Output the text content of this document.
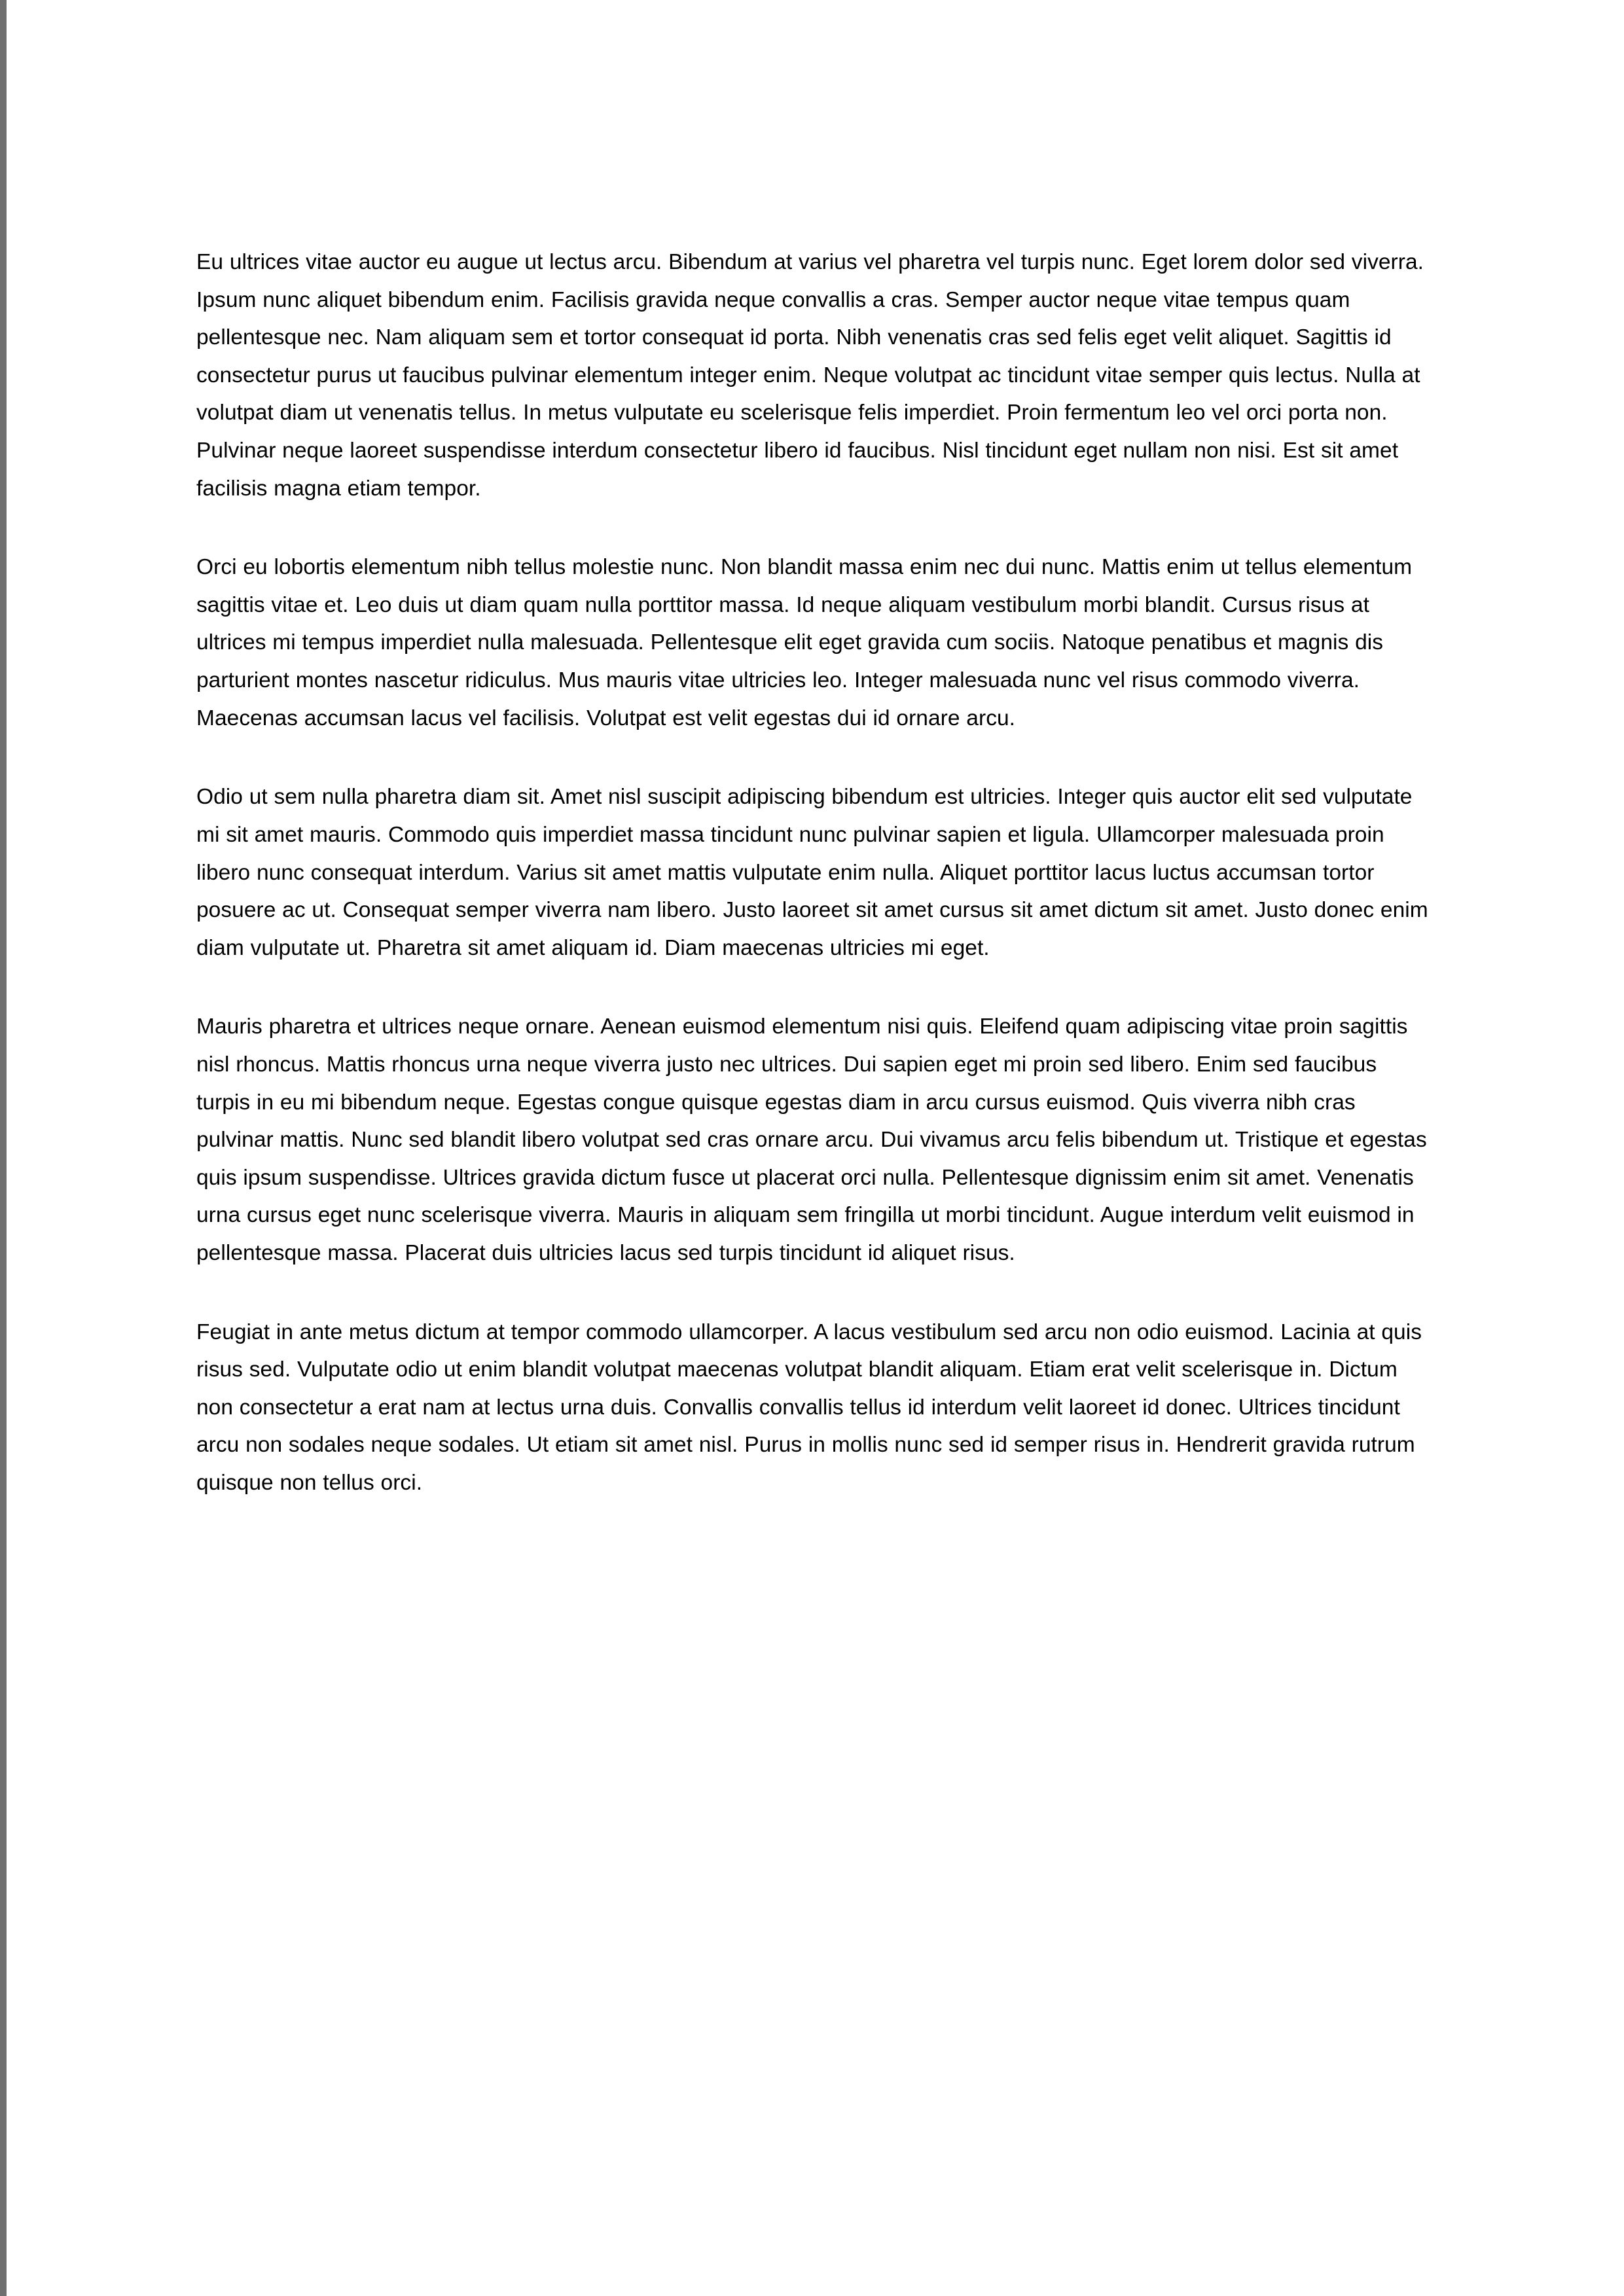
Eu ultrices vitae auctor eu augue ut lectus arcu. Bibendum at varius vel pharetra vel turpis nunc. Eget lorem dolor sed viverra. Ipsum nunc aliquet bibendum enim. Facilisis gravida neque convallis a cras. Semper auctor neque vitae tempus quam pellentesque nec. Nam aliquam sem et tortor consequat id porta. Nibh venenatis cras sed felis eget velit aliquet. Sagittis id consectetur purus ut faucibus pulvinar elementum integer enim. Neque volutpat ac tincidunt vitae semper quis lectus. Nulla at volutpat diam ut venenatis tellus. In metus vulputate eu scelerisque felis imperdiet. Proin fermentum leo vel orci porta non. Pulvinar neque laoreet suspendisse interdum consectetur libero id faucibus. Nisl tincidunt eget nullam non nisi. Est sit amet facilisis magna etiam tempor.

Orci eu lobortis elementum nibh tellus molestie nunc. Non blandit massa enim nec dui nunc. Mattis enim ut tellus elementum sagittis vitae et. Leo duis ut diam quam nulla porttitor massa. Id neque aliquam vestibulum morbi blandit. Cursus risus at ultrices mi tempus imperdiet nulla malesuada. Pellentesque elit eget gravida cum sociis. Natoque penatibus et magnis dis parturient montes nascetur ridiculus. Mus mauris vitae ultricies leo. Integer malesuada nunc vel risus commodo viverra. Maecenas accumsan lacus vel facilisis. Volutpat est velit egestas dui id ornare arcu.

Odio ut sem nulla pharetra diam sit. Amet nisl suscipit adipiscing bibendum est ultricies. Integer quis auctor elit sed vulputate mi sit amet mauris. Commodo quis imperdiet massa tincidunt nunc pulvinar sapien et ligula. Ullamcorper malesuada proin libero nunc consequat interdum. Varius sit amet mattis vulputate enim nulla. Aliquet porttitor lacus luctus accumsan tortor posuere ac ut. Consequat semper viverra nam libero. Justo laoreet sit amet cursus sit amet dictum sit amet. Justo donec enim diam vulputate ut. Pharetra sit amet aliquam id. Diam maecenas ultricies mi eget.

Mauris pharetra et ultrices neque ornare. Aenean euismod elementum nisi quis. Eleifend quam adipiscing vitae proin sagittis nisl rhoncus. Mattis rhoncus urna neque viverra justo nec ultrices. Dui sapien eget mi proin sed libero. Enim sed faucibus turpis in eu mi bibendum neque. Egestas congue quisque egestas diam in arcu cursus euismod. Quis viverra nibh cras pulvinar mattis. Nunc sed blandit libero volutpat sed cras ornare arcu. Dui vivamus arcu felis bibendum ut. Tristique et egestas quis ipsum suspendisse. Ultrices gravida dictum fusce ut placerat orci nulla. Pellentesque dignissim enim sit amet. Venenatis urna cursus eget nunc scelerisque viverra. Mauris in aliquam sem fringilla ut morbi tincidunt. Augue interdum velit euismod in pellentesque massa. Placerat duis ultricies lacus sed turpis tincidunt id aliquet risus.

Feugiat in ante metus dictum at tempor commodo ullamcorper. A lacus vestibulum sed arcu non odio euismod. Lacinia at quis risus sed. Vulputate odio ut enim blandit volutpat maecenas volutpat blandit aliquam. Etiam erat velit scelerisque in. Dictum non consectetur a erat nam at lectus urna duis. Convallis convallis tellus id interdum velit laoreet id donec. Ultrices tincidunt arcu non sodales neque sodales. Ut etiam sit amet nisl. Purus in mollis nunc sed id semper risus in. Hendrerit gravida rutrum quisque non tellus orci.
